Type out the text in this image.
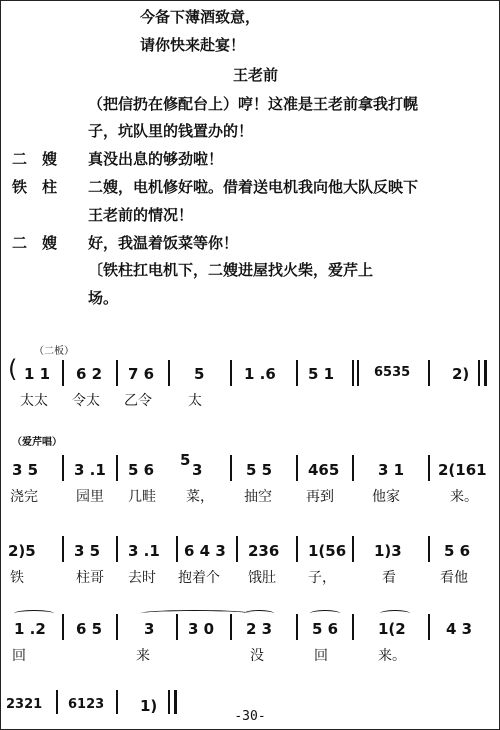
今备下薄酒致意，
请你快来赴宴！
王老前
（把信扔在修配台上）哼！这准是王老前拿我打幌
子，坑队里的钱置办的！
二　嫂 真没出息的够劲啦！
铁　柱 二嫂，电机修好啦。借着送电机我向他大队反映下
王老前的情况！
二　嫂 好，我温着饭菜等你！
〔铁柱扛电机下，二嫂进屋找火柴，爱芹上
场。
（二板）
( 1 1 6 2 7 6	5	1 .6 5 1	6535	2)
太太 令太 乙令	太
（爱芹唱）
3 5 3 .1 5 6
5
3	5 5 465	3 1 2(161
浇完	园里 几畦 菜， 抽空 再到	他家	来。
2)5	3 5 3 .1 6 4 3 236 1(56 1)3	5 6
铁	柱哥 去时 抱着个 饿肚 子，	看	看他
1 .2 6 5	3 3 0 2 3	5 6	1(2	4 3
回	来	没	回	来。
2321 6123 1)
-30-
